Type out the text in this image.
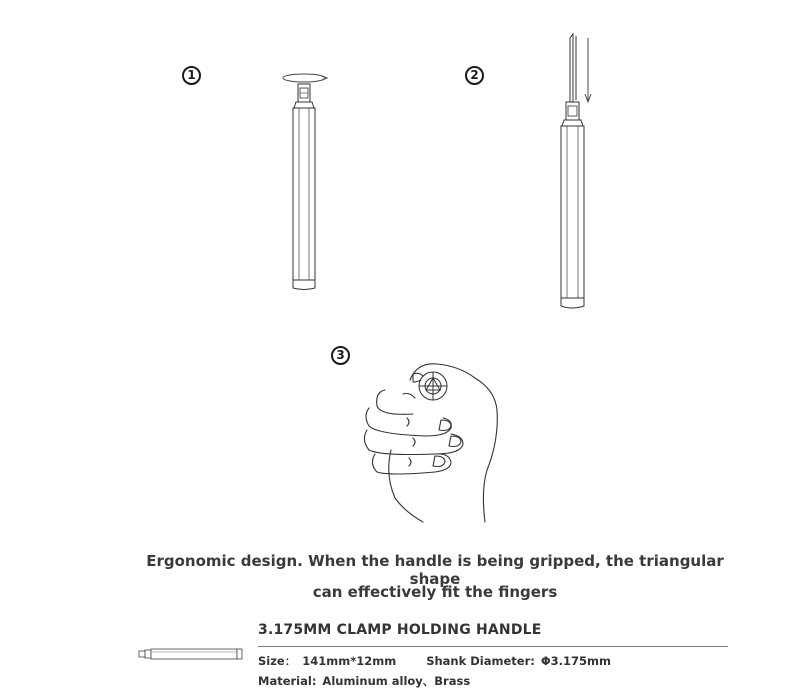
1	2
3
Ergonomic design. When the handle is being gripped, the triangular shape
can effectively fit the fingers
3.175MM CLAMP HOLDING HANDLE
Size： 141mm*12mm	Shank Diameter: Φ3.175mm
Material: Aluminum alloy、Brass
